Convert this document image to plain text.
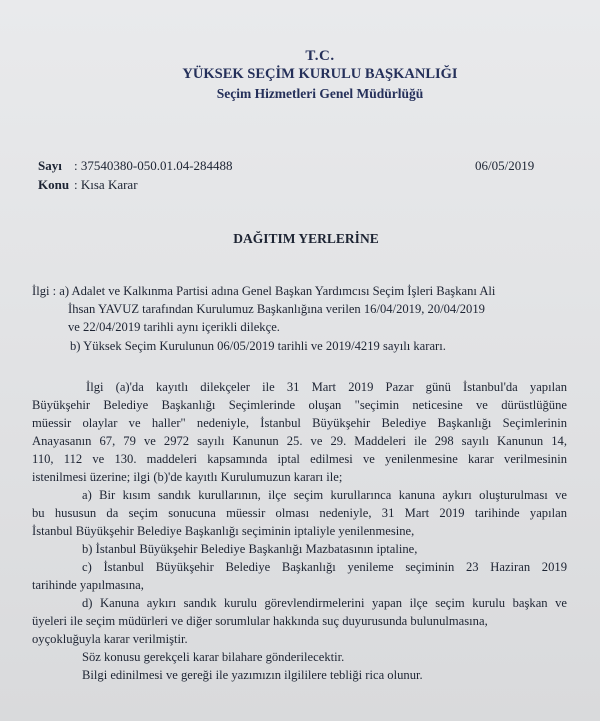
T.C.
YÜKSEK SEÇİM KURULU BAŞKANLIĞI
Seçim Hizmetleri Genel Müdürlüğü
Sayı : 37540380-050.01.04-284488
Konu : Kısa Karar
06/05/2019
DAĞITIM YERLERİNE
İlgi : a) Adalet ve Kalkınma Partisi adına Genel Başkan Yardımcısı Seçim İşleri Başkanı Ali
İhsan YAVUZ tarafından Kurulumuz Başkanlığına verilen 16/04/2019, 20/04/2019
ve 22/04/2019 tarihli aynı içerikli dilekçe.
b) Yüksek Seçim Kurulunun 06/05/2019 tarihli ve 2019/4219 sayılı kararı.
İlgi (a)'da kayıtlı dilekçeler ile 31 Mart 2019 Pazar günü İstanbul'da yapılan
Büyükşehir Belediye Başkanlığı Seçimlerinde oluşan "seçimin neticesine ve dürüstlüğüne
müessir olaylar ve haller" nedeniyle, İstanbul Büyükşehir Belediye Başkanlığı Seçimlerinin
Anayasanın 67, 79 ve 2972 sayılı Kanunun 25. ve 29. Maddeleri ile 298 sayılı Kanunun 14,
110, 112 ve 130. maddeleri kapsamında iptal edilmesi ve yenilenmesine karar verilmesinin
istenilmesi üzerine; ilgi (b)'de kayıtlı Kurulumuzun kararı ile;
a) Bir kısım sandık kurullarının, ilçe seçim kurullarınca kanuna aykırı oluşturulması ve
bu hususun da seçim sonucuna müessir olması nedeniyle, 31 Mart 2019 tarihinde yapılan
İstanbul Büyükşehir Belediye Başkanlığı seçiminin iptaliyle yenilenmesine,
b) İstanbul Büyükşehir Belediye Başkanlığı Mazbatasının iptaline,
c) İstanbul Büyükşehir Belediye Başkanlığı yenileme seçiminin 23 Haziran 2019
tarihinde yapılmasına,
d) Kanuna aykırı sandık kurulu görevlendirmelerini yapan ilçe seçim kurulu başkan ve
üyeleri ile seçim müdürleri ve diğer sorumlular hakkında suç duyurusunda bulunulmasına,
oyçokluğuyla karar verilmiştir.
Söz konusu gerekçeli karar bilahare gönderilecektir.
Bilgi edinilmesi ve gereği ile yazımızın ilgililere tebliği rica olunur.
